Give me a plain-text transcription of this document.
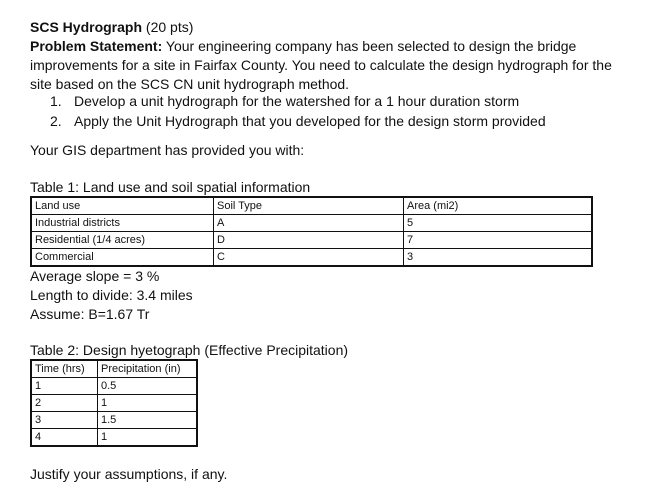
SCS Hydrograph (20 pts)
Problem Statement: Your engineering company has been selected to design the bridge improvements for a site in Fairfax County. You need to calculate the design hydrograph for the site based on the SCS CN unit hydrograph method.
1. Develop a unit hydrograph for the watershed for a 1 hour duration storm
2. Apply the Unit Hydrograph that you developed for the design storm provided
Your GIS department has provided you with:
Table 1: Land use and soil spatial information
Land use	Soil Type	Area (mi2)
Industrial districts	A	5
Residential (1/4 acres)	D	7
Commercial	C	3
Average slope = 3 %
Length to divide: 3.4 miles
Assume: B=1.67 Tr
Table 2: Design hyetograph (Effective Precipitation)
Time (hrs)	Precipitation (in)
1	0.5
2	1
3	1.5
4	1
Justify your assumptions, if any.
